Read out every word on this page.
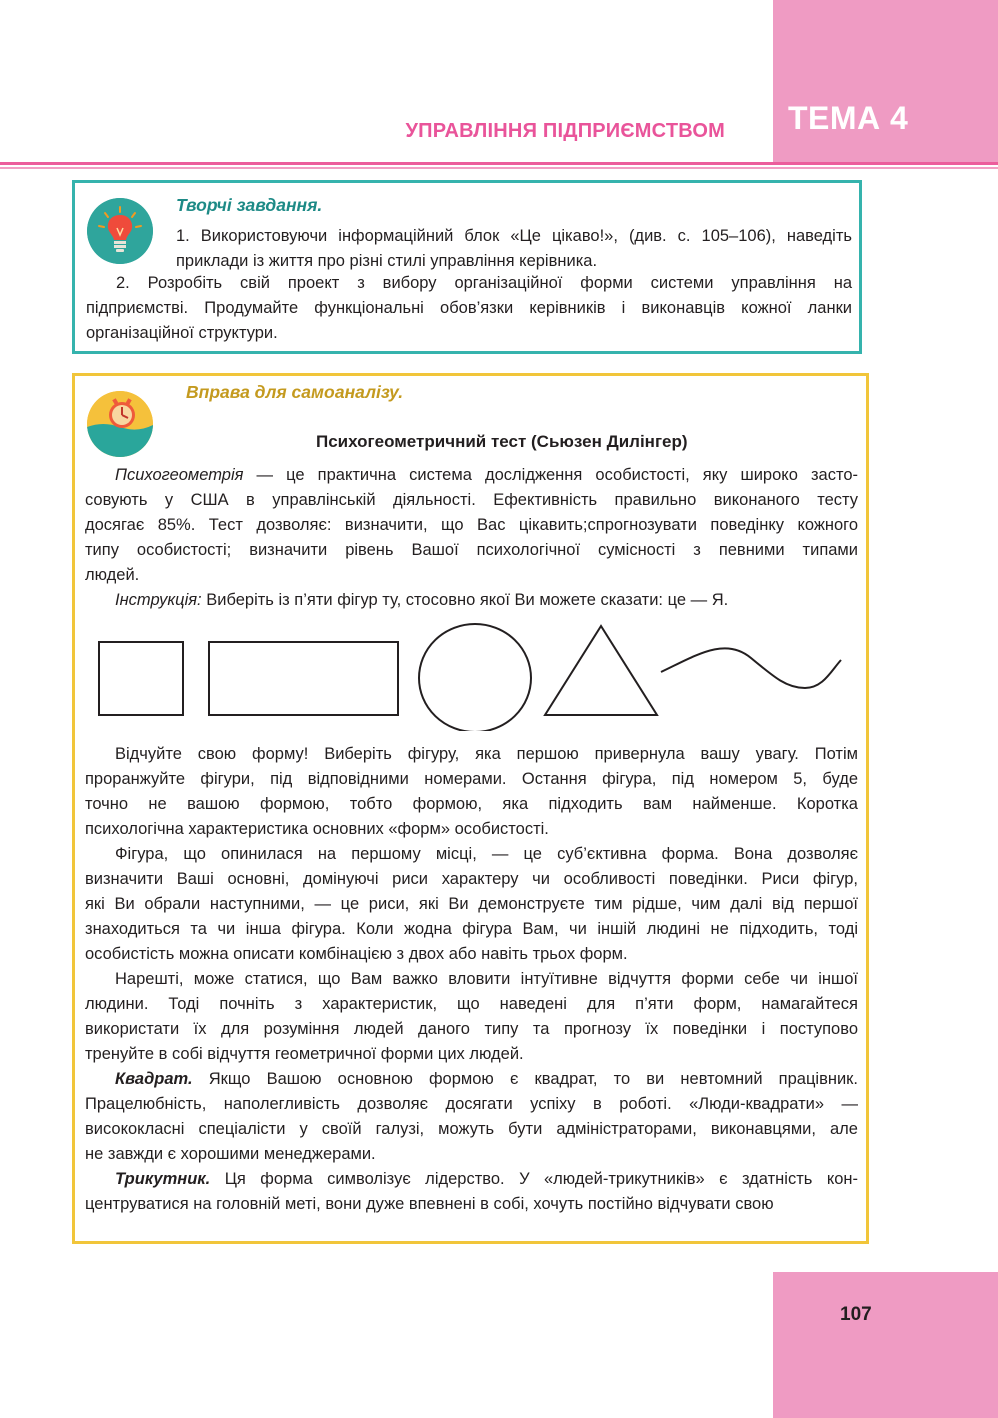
ТЕМА 4
УПРАВЛІННЯ ПІДПРИЄМСТВОМ
Творчі завдання.

1. Використовуючи інформаційний блок «Це цікаво!», (див. с. 105–106), наведіть

приклади із життя про різні стилі управління керівника.

2. Розробіть свій проект з вибору організаційної форми системи управління на

підприємстві. Продумайте функціональні обов’язки керівників і виконавців кожної ланки

організаційної структури.

Вправа для самоаналізу.
Психогеометричний тест (Сьюзен Дилінгер)

Психогеометрія — це практична система дослідження особистості, яку широко засто-

совують у США в управлінській діяльності. Ефективність правильно виконаного тесту

досягає 85%. Тест дозволяє: визначити, що Вас цікавить;спрогнозувати поведінку кожного

типу особистості; визначити рівень Вашої психологічної сумісності з певними типами

людей.

Інструкція: Виберіть із п’яти фігур ту, стосовно якої Ви можете сказати: це — Я.

Відчуйте свою форму! Виберіть фігуру, яка першою привернула вашу увагу. Потім

проранжуйте фігури, під відповідними номерами. Остання фігура, під номером 5, буде

точно не вашою формою, тобто формою, яка підходить вам найменше. Коротка

психологічна характеристика основних «форм» особистості.

Фігура, що опинилася на першому місці, — це суб’єктивна форма. Вона дозволяє

визначити Ваші основні, домінуючі риси характеру чи особливості поведінки. Риси фігур,

які Ви обрали наступними, — це риси, які Ви демонструєте тим рідше, чим далі від першої

знаходиться та чи інша фігура. Коли жодна фігура Вам, чи іншій людині не підходить, тоді

особистість можна описати комбінацією з двох або навіть трьох форм.

Нарешті, може статися, що Вам важко вловити інтуїтивне відчуття форми себе чи іншої

людини. Тоді почніть з характеристик, що наведені для п’яти форм, намагайтеся

використати їх для розуміння людей даного типу та прогнозу їх поведінки і поступово

тренуйте в собі відчуття геометричної форми цих людей.

Квадрат. Якщо Вашою основною формою є квадрат, то ви невтомний працівник.

Працелюбність, наполегливість дозволяє досягати успіху в роботі. «Люди-квадрати» —

висококласні спеціалісти у своїй галузі, можуть бути адміністраторами, виконавцями, але

не завжди є хорошими менеджерами.

Трикутник. Ця форма символізує лідерство. У «людей-трикутників» є здатність кон-

центруватися на головній меті, вони дуже впевнені в собі, хочуть постійно відчувати свою

107
